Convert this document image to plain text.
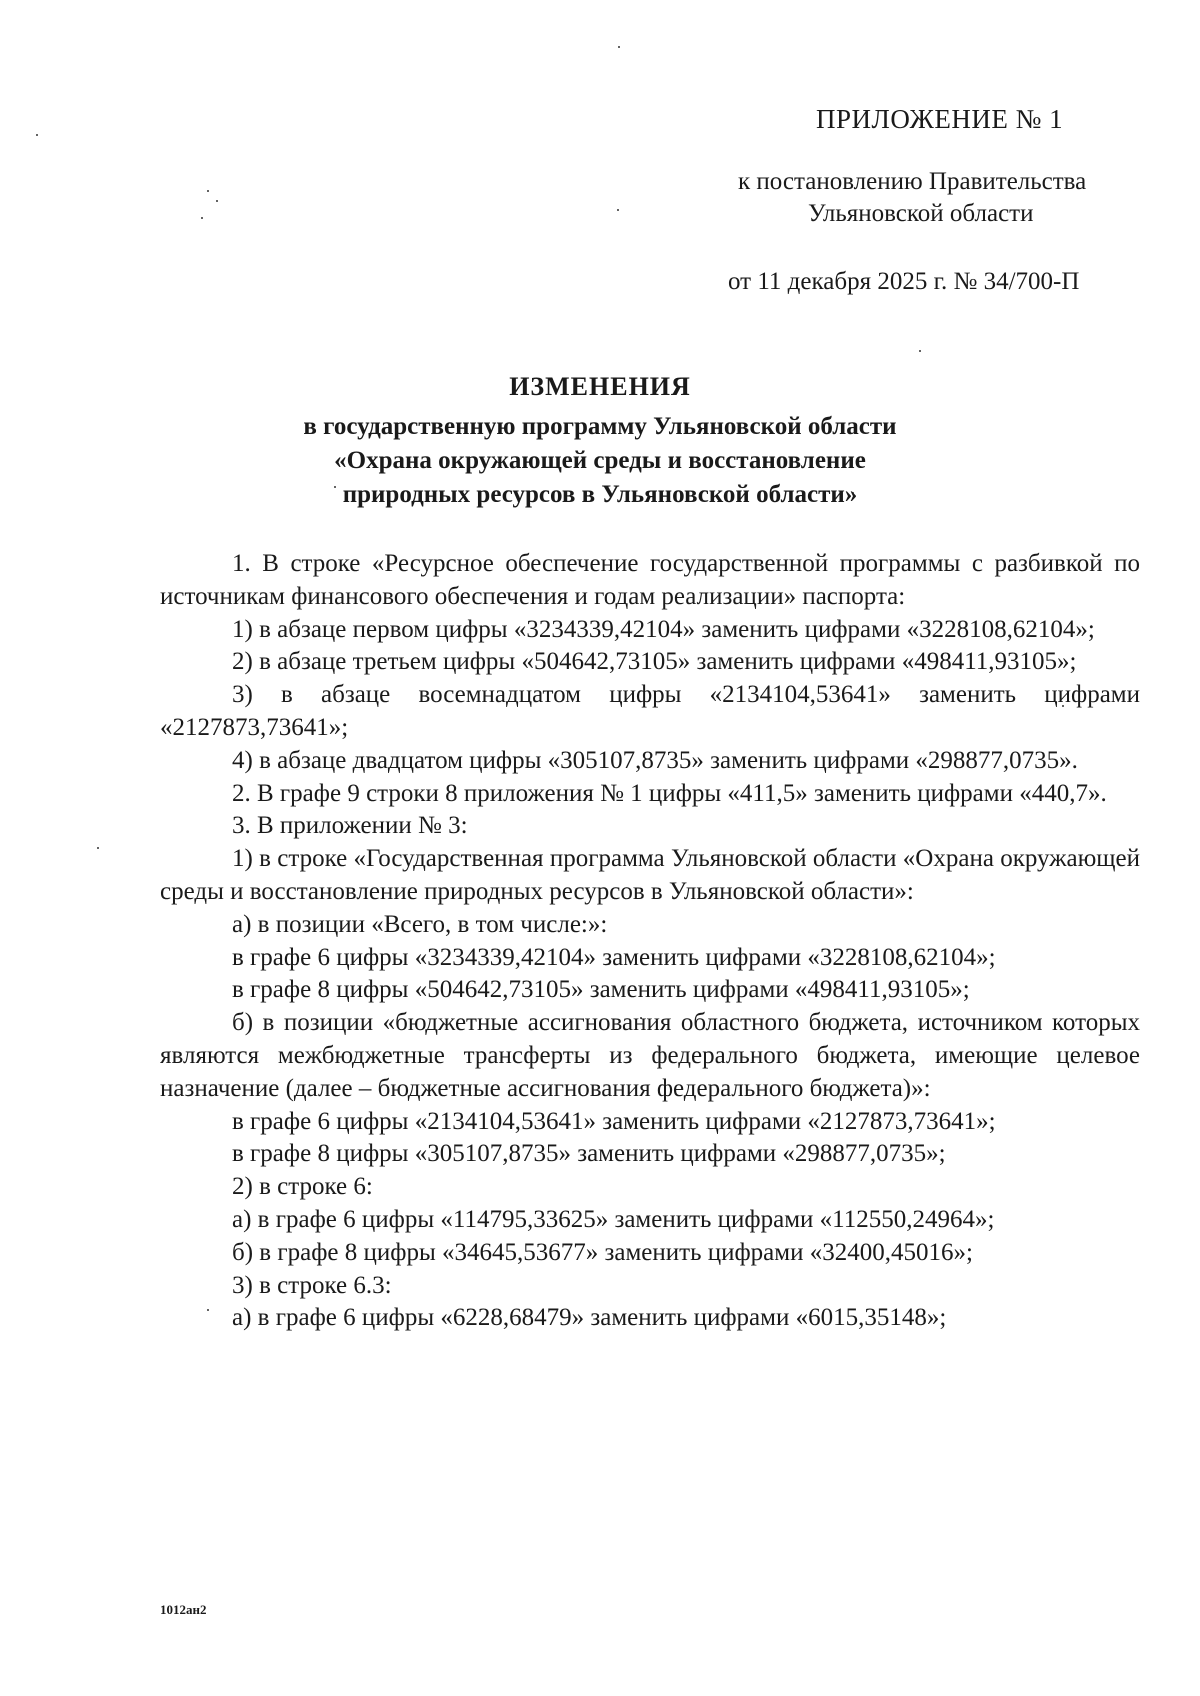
ПРИЛОЖЕНИЕ № 1
к постановлению Правительства
Ульяновской области
от 11 декабря 2025 г. № 34/700-П
ИЗМЕНЕНИЯ
в государственную программу Ульяновской области
«Охрана окружающей среды и восстановление
природных ресурсов в Ульяновской области»

1. В строке «Ресурсное обеспечение государственной программы с разбивкой по источникам финансового обеспечения и годам реализации» паспорта:

1) в абзаце первом цифры «3234339,42104» заменить цифрами «3228108,62104»;

2) в абзаце третьем цифры «504642,73105» заменить цифрами «498411,93105»;

3) в абзаце восемнадцатом цифры «2134104,53641» заменить цифрами «2127873,73641»;

4) в абзаце двадцатом цифры «305107,8735» заменить цифрами «298877,0735».

2. В графе 9 строки 8 приложения № 1 цифры «411,5» заменить цифрами «440,7».

3. В приложении № 3:

1) в строке «Государственная программа Ульяновской области «Охрана окружающей среды и восстановление природных ресурсов в Ульяновской области»:

а) в позиции «Всего, в том числе:»:

в графе 6 цифры «3234339,42104» заменить цифрами «3228108,62104»;

в графе 8 цифры «504642,73105» заменить цифрами «498411,93105»;

б) в позиции «бюджетные ассигнования областного бюджета, источником которых являются межбюджетные трансферты из федерального бюджета, имеющие целевое назначение (далее – бюджетные ассигнования федерального бюджета)»:

в графе 6 цифры «2134104,53641» заменить цифрами «2127873,73641»;

в графе 8 цифры «305107,8735» заменить цифрами «298877,0735»;

2) в строке 6:

а) в графе 6 цифры «114795,33625» заменить цифрами «112550,24964»;

б) в графе 8 цифры «34645,53677» заменить цифрами «32400,45016»;

3) в строке 6.3:

а) в графе 6 цифры «6228,68479» заменить цифрами «6015,35148»;

1012ан2
